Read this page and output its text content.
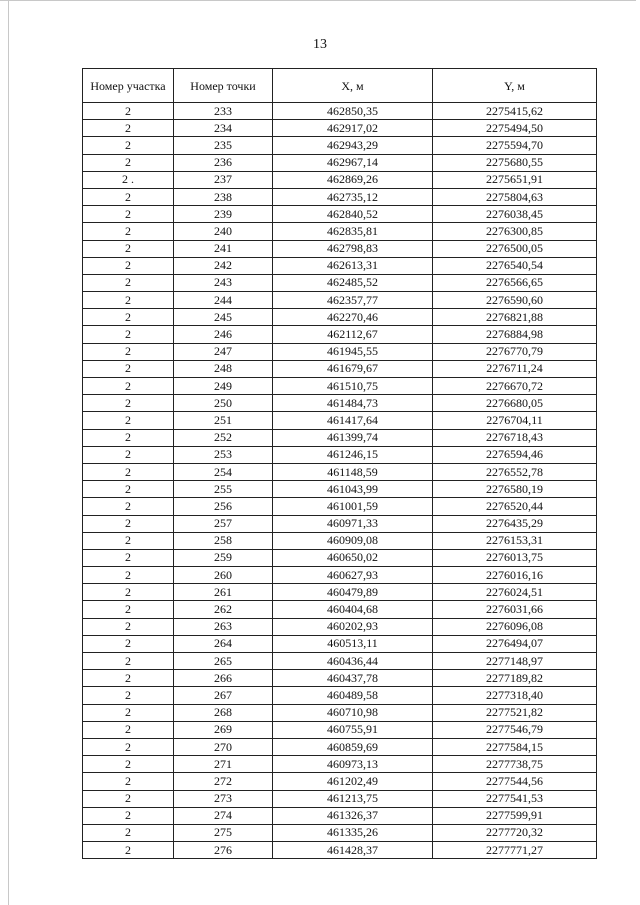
13
Номер участка	Номер точки	X, м	Y, м
2	233	462850,35	2275415,62
2	234	462917,02	2275494,50
2	235	462943,29	2275594,70
2	236	462967,14	2275680,55
2 .	237	462869,26	2275651,91
2	238	462735,12	2275804,63
2	239	462840,52	2276038,45
2	240	462835,81	2276300,85
2	241	462798,83	2276500,05
2	242	462613,31	2276540,54
2	243	462485,52	2276566,65
2	244	462357,77	2276590,60
2	245	462270,46	2276821,88
2	246	462112,67	2276884,98
2	247	461945,55	2276770,79
2	248	461679,67	2276711,24
2	249	461510,75	2276670,72
2	250	461484,73	2276680,05
2	251	461417,64	2276704,11
2	252	461399,74	2276718,43
2	253	461246,15	2276594,46
2	254	461148,59	2276552,78
2	255	461043,99	2276580,19
2	256	461001,59	2276520,44
2	257	460971,33	2276435,29
2	258	460909,08	2276153,31
2	259	460650,02	2276013,75
2	260	460627,93	2276016,16
2	261	460479,89	2276024,51
2	262	460404,68	2276031,66
2	263	460202,93	2276096,08
2	264	460513,11	2276494,07
2	265	460436,44	2277148,97
2	266	460437,78	2277189,82
2	267	460489,58	2277318,40
2	268	460710,98	2277521,82
2	269	460755,91	2277546,79
2	270	460859,69	2277584,15
2	271	460973,13	2277738,75
2	272	461202,49	2277544,56
2	273	461213,75	2277541,53
2	274	461326,37	2277599,91
2	275	461335,26	2277720,32
2	276	461428,37	2277771,27
